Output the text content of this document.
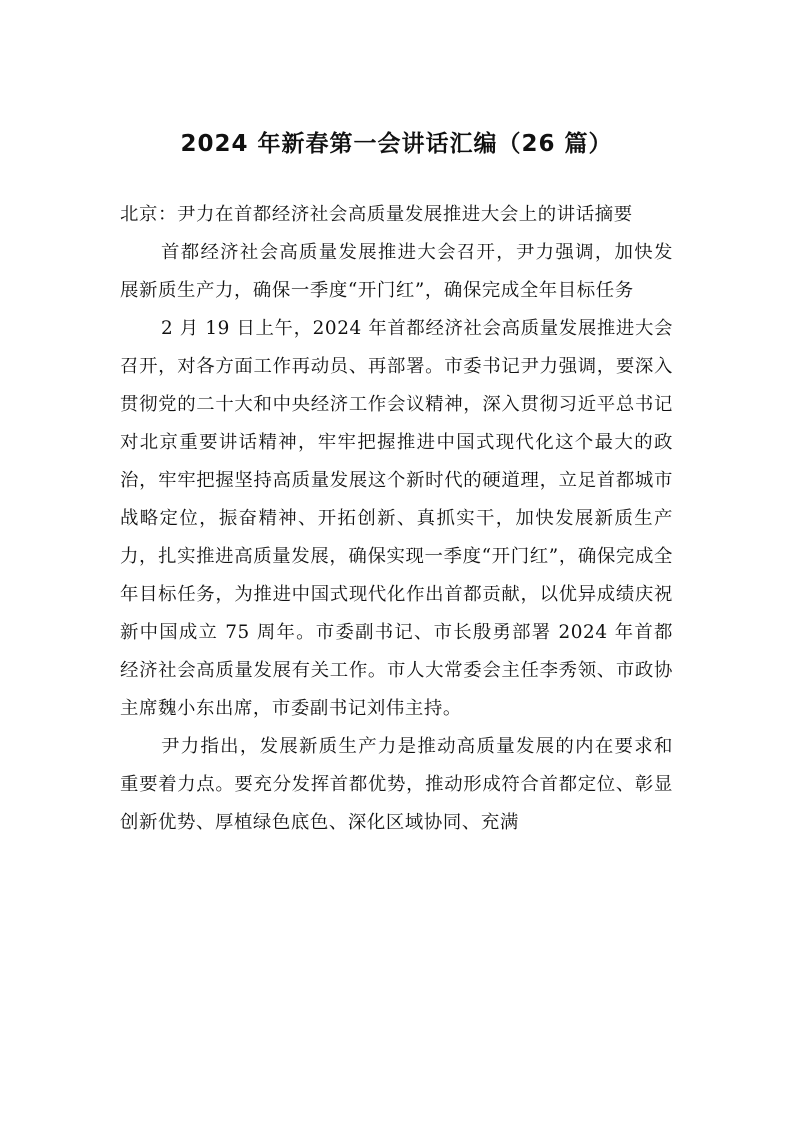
2024 年新春第一会讲话汇编（26 篇）

北京：尹力在首都经济社会高质量发展推进大会上的讲话摘要

首都经济社会高质量发展推进大会召开，尹力强调，加快发展新质生产力，确保一季度“开门红”，确保完成全年目标任务

2 月 19 日上午，2024 年首都经济社会高质量发展推进大会召开，对各方面工作再动员、再部署。市委书记尹力强调，要深入贯彻党的二十大和中央经济工作会议精神，深入贯彻习近平总书记对北京重要讲话精神，牢牢把握推进中国式现代化这个最大的政治，牢牢把握坚持高质量发展这个新时代的硬道理，立足首都城市战略定位，振奋精神、开拓创新、真抓实干，加快发展新质生产力，扎实推进高质量发展，确保实现一季度“开门红”，确保完成全年目标任务，为推进中国式现代化作出首都贡献，以优异成绩庆祝新中国成立 75 周年。市委副书记、市长殷勇部署 2024 年首都经济社会高质量发展有关工作。市人大常委会主任李秀领、市政协主席魏小东出席，市委副书记刘伟主持。

尹力指出，发展新质生产力是推动高质量发展的内在要求和重要着力点。要充分发挥首都优势，推动形成符合首都定位、彰显创新优势、厚植绿色底色、深化区域协同、充满
